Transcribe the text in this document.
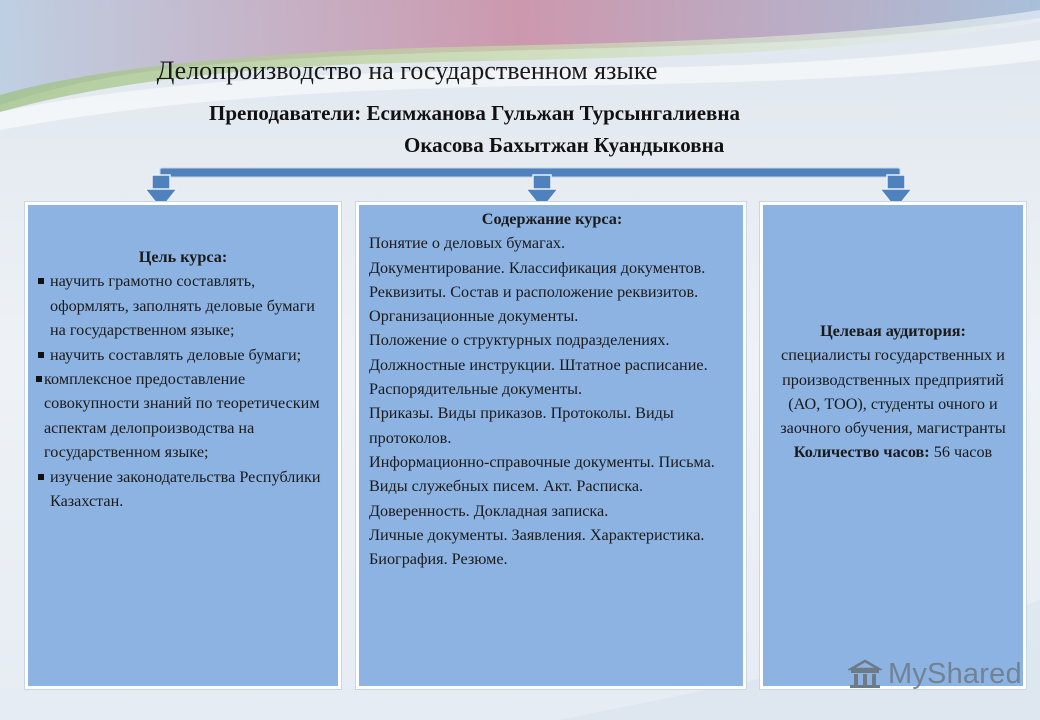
Делопроизводство на государственном языке
Преподаватели: Есимжанова Гульжан Турсынгалиевна
Окасова Бахытжан Куандыковна
Цель курса:
научить грамотно составлять, оформлять, заполнять деловые бумаги на государственном языке;
научить составлять деловые бумаги;
комплексное предоставление совокупности знаний по теоретическим аспектам делопроизводства на государственном языке;
изучение законодательства Республики Казахстан.
Содержание курса:
Понятие о деловых бумагах.
Документирование. Классификация документов.
Реквизиты. Состав и расположение реквизитов.
Организационные документы.
Положение о структурных подразделениях. Должностные инструкции. Штатное расписание.
Распорядительные документы.
Приказы. Виды приказов. Протоколы. Виды протоколов.
Информационно-справочные документы. Письма. Виды служебных писем. Акт. Расписка. Доверенность. Докладная записка.
Личные документы. Заявления. Характеристика. Биография. Резюме.
Целевая аудитория:
специалисты государственных и производственных предприятий (АО, ТОО), студенты очного и заочного обучения, магистранты
Количество часов: 56 часов
MyShared
